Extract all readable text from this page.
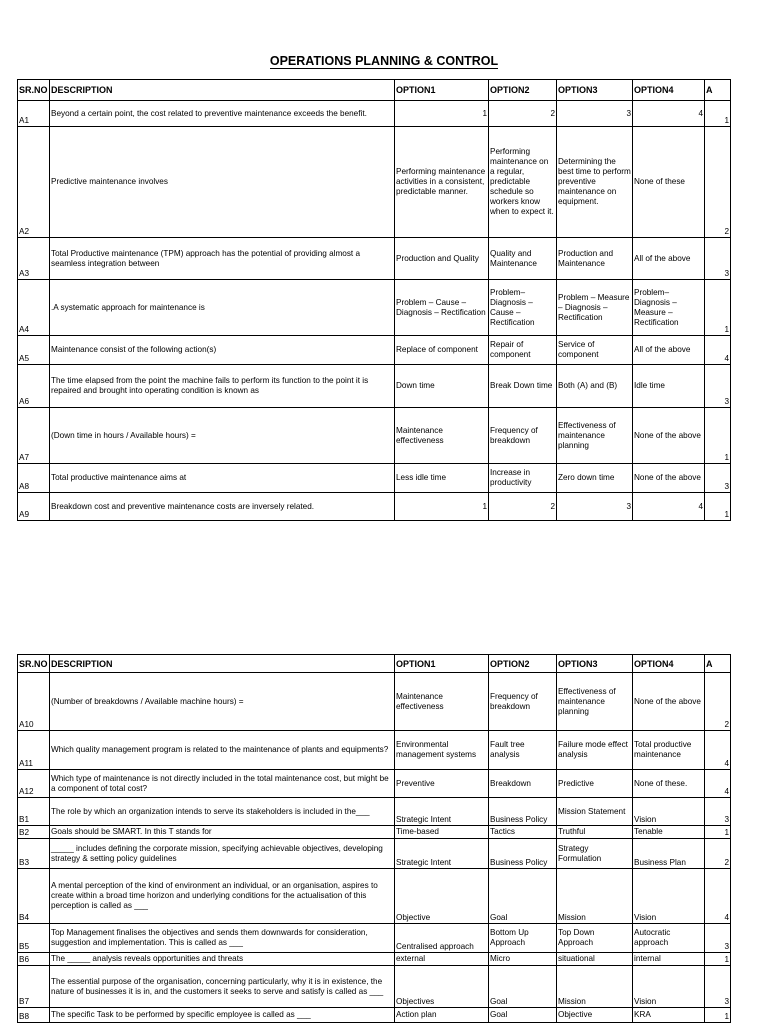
OPERATIONS PLANNING & CONTROL
SR.NO	DESCRIPTION	OPTION1	OPTION2	OPTION3	OPTION4	A
A1	Beyond a certain point, the cost related to preventive maintenance exceeds the benefit.	1	2	3	4	1
A2	Predictive maintenance involves	Performing maintenance activities in a consistent, predictable manner.	Performing maintenance on a regular, predictable schedule so workers know when to expect it.	Determining the best time to perform preventive maintenance on equipment.	None of these	2
A3	Total Productive maintenance (TPM) approach has the potential of providing almost a seamless integration between	Production and Quality	Quality and Maintenance	Production and Maintenance	All of the above	3
A4	.A systematic approach for maintenance is	Problem – Cause – Diagnosis – Rectification	Problem– Diagnosis – Cause – Rectification	Problem – Measure – Diagnosis – Rectification	Problem– Diagnosis – Measure – Rectification	1
A5	Maintenance consist of the following action(s)	Replace of component	Repair of component	Service of component	All of the above	4
A6	The time elapsed from the point the machine fails to perform its function to the point it is repaired and brought into operating condition is known as	Down time	Break Down time	Both (A) and (B)	Idle time	3
A7	(Down time in hours / Available hours) =	Maintenance effectiveness	Frequency of breakdown	Effectiveness of maintenance planning	None of the above	1
A8	Total productive maintenance aims at	Less idle time	Increase in productivity	Zero down time	None of the above	3
A9	Breakdown cost and preventive maintenance costs are inversely related.	1	2	3	4	1
SR.NO	DESCRIPTION	OPTION1	OPTION2	OPTION3	OPTION4	A
A10	(Number of breakdowns / Available machine hours) =	Maintenance effectiveness	Frequency of breakdown	Effectiveness of maintenance planning	None of the above	2
A11	Which quality management program is related to the maintenance of plants and equipments?	Environmental management systems	Fault tree analysis	Failure mode effect analysis	Total productive maintenance	4
A12	Which type of maintenance is not directly included in the total maintenance cost, but might be a component of total cost?	Preventive	Breakdown	Predictive	None of these.	4
B1	The role by which an organization intends to serve its stakeholders is included in the___	Strategic Intent	Business Policy	Mission Statement	Vision	3
B2	Goals should be SMART. In this T stands for	Time-based	Tactics	Truthful	Tenable	1
B3	_____ includes defining the corporate mission, specifying achievable objectives, developing strategy & setting policy guidelines	Strategic Intent	Business Policy	Strategy Formulation	Business Plan	2
B4	A mental perception of the kind of environment an individual, or an organisation, aspires to create within a broad time horizon and underlying conditions for the actualisation of this perception is called as ___	Objective	Goal	Mission	Vision	4
B5	Top Management finalises the objectives and sends them downwards for consideration, suggestion and implementation. This is called as ___	Centralised approach	Bottom Up Approach	Top Down Approach	Autocratic approach	3
B6	The _____ analysis reveals opportunities and threats	external	Micro	situational	internal	1
B7	The essential purpose of the organisation, concerning particularly, why it is in existence, the nature of businesses it is in, and the customers it seeks to serve and satisfy is called as ___	Objectives	Goal	Mission	Vision	3
B8	The specific Task to be performed by specific employee is called as ___	Action plan	Goal	Objective	KRA	1
